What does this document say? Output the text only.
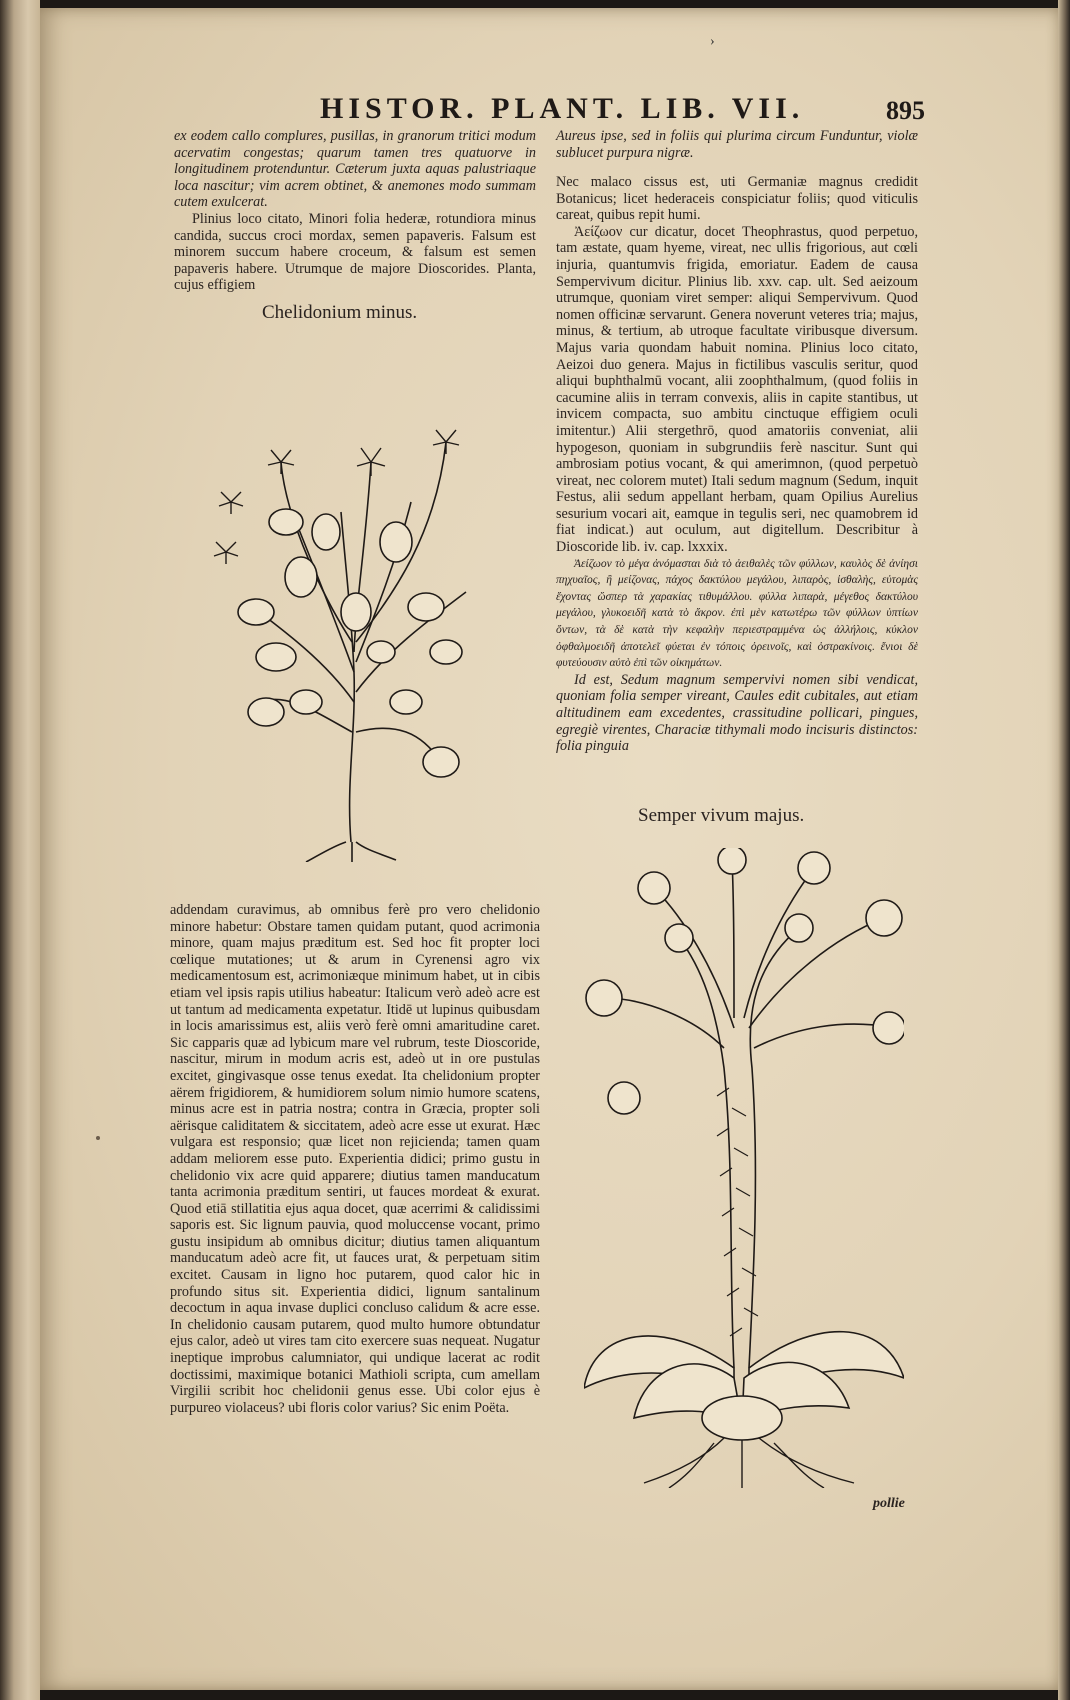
›
HISTOR. PLANT. LIB. VII.	895

ex eodem callo complures, pusillas, in granorum tritici modum acervatim congestas; quarum tamen tres quatuorve in longitudinem protenduntur. Cæterum juxta aquas palustriaque loca nascitur; vim acrem obtinet, & anemones modo summam cutem exulcerat.

Plinius loco citato, Minori folia hederæ, rotundiora minus candida, succus croci mordax, semen papaveris. Falsum est minorem succum habere croceum, & falsum est semen papaveris habere. Utrumque de majore Dioscorides. Planta, cujus effigiem

Chelidonium minus.

addendam curavimus, ab omnibus ferè pro vero chelidonio minore habetur: Obstare tamen quidam putant, quod acrimonia minore, quam majus præditum est. Sed hoc fit propter loci cœlique mutationes; ut & arum in Cyrenensi agro vix medicamentosum est, acrimoniæque minimum habet, ut in cibis etiam vel ipsis rapis utilius habeatur: Italicum verò adeò acre est ut tantum ad medicamenta expetatur. Itidē ut lupinus quibusdam in locis amarissimus est, aliis verò ferè omni amaritudine caret. Sic capparis quæ ad lybicum mare vel rubrum, teste Dioscoride, nascitur, mirum in modum acris est, adeò ut in ore pustulas excitet, gingivasque osse tenus exedat. Ita chelidonium propter aërem frigidiorem, & humidiorem solum nimio humore scatens, minus acre est in patria nostra; contra in Græcia, propter soli aërisque caliditatem & siccitatem, adeò acre esse ut exurat. Hæc vulgara est responsio; quæ licet non rejicienda; tamen quam addam meliorem esse puto. Experientia didici; primo gustu in chelidonio vix acre quid apparere; diutius tamen manducatum tanta acrimonia præditum sentiri, ut fauces mordeat & exurat. Quod etiā stillatitia ejus aqua docet, quæ acerrimi & calidissimi saporis est. Sic lignum pauvia, quod moluccense vocant, primo gustu insipidum ab omnibus dicitur; diutius tamen aliquantum manducatum adeò acre fit, ut fauces urat, & perpetuam sitim excitet. Causam in ligno hoc putarem, quod calor hic in profundo situs sit. Experientia didici, lignum santalinum decoctum in aqua invase duplici concluso calidum & acre esse. In chelidonio causam putarem, quod multo humore obtundatur ejus calor, adeò ut vires tam cito exercere suas nequeat. Nugatur ineptique improbus calumniator, qui undique lacerat ac rodit doctissimi, maximique botanici Mathioli scripta, cum amellam Virgilii scribit hoc chelidonii genus esse. Ubi color ejus è purpureo violaceus? ubi floris color varius? Sic enim Poëta.

Aureus ipse, sed in foliis qui plurima circum Funduntur, violæ sublucet purpura nigræ.

Nec malaco cissus est, uti Germaniæ magnus credidit Botanicus; licet hederaceis conspiciatur foliis; quod viticulis careat, quibus repit humi.

Ἀείζωον cur dicatur, docet Theophrastus, quod perpetuo, tam æstate, quam hyeme, vireat, nec ullis frigorious, aut cœli injuria, quantumvis frigida, emoriatur. Eadem de causa Sempervivum dicitur. Plinius lib. xxv. cap. ult. Sed aeizoum utrumque, quoniam viret semper: aliqui Sempervivum. Quod nomen officinæ servarunt. Genera noverunt veteres tria; majus, minus, & tertium, ab utroque facultate viribusque diversum. Majus varia quondam habuit nomina. Plinius loco citato, Aeizoi duo genera. Majus in fictilibus vasculis seritur, quod aliqui buphthalmū vocant, alii zoophthalmum, (quod foliis in cacumine aliis in terram convexis, aliis in capite stantibus, ut invicem compacta, suo ambitu cinctuque effigiem oculi imitentur.) Alii stergethrō, quod amatoriis conveniat, alii hypogeson, quoniam in subgrundiis ferè nascitur. Sunt qui ambrosiam potius vocant, & qui amerimnon, (quod perpetuò vireat, nec colorem mutet) Itali sedum magnum (Sedum, inquit Festus, alii sedum appellant herbam, quam Opilius Aurelius sesurium vocari ait, eamque in tegulis seri, nec quamobrem id fiat indicat.) aut oculum, aut digitellum. Describitur à Dioscoride lib. iv. cap. lxxxix.

Ἀείζωον τὸ μέγα ἀνόμασται διὰ τὸ ἀειθαλὲς τῶν φύλλων, καυλὸς δὲ ἀνίησι πηχυαῖος, ἢ μείζονας, πάχος δακτύλου μεγάλου, λιπαρὸς, ἰσθαλὴς, εὐτομὰς ἔχοντας ὥσπερ τὰ χαρακίας τιθυμάλλου. φύλλα λιπαρὰ, μέγεθος δακτύλου μεγάλου, γλυκοειδῆ κατὰ τὸ ἄκρον. ἐπὶ μὲν κατωτέρω τῶν φύλλων ὑπτίων ὄντων, τὰ δὲ κατὰ τὴν κεφαλὴν περιεστραμμένα ὡς ἀλλήλοις, κύκλον ὀφθαλμοειδῆ ἀποτελεῖ φύεται ἐν τόποις ὀρεινοῖς, καὶ ὀστρακίνοις. ἔνιοι δὲ φυτεύουσιν αὐτὸ ἐπὶ τῶν οἰκημάτων.

Id est, Sedum magnum sempervivi nomen sibi vendicat, quoniam folia semper vireant, Caules edit cubitales, aut etiam altitudinem eam excedentes, crassitudine pollicari, pingues, egregiè virentes, Characiæ tithymali modo incisuris distinctos: folia pinguia

Semper vivum majus.
pollie
